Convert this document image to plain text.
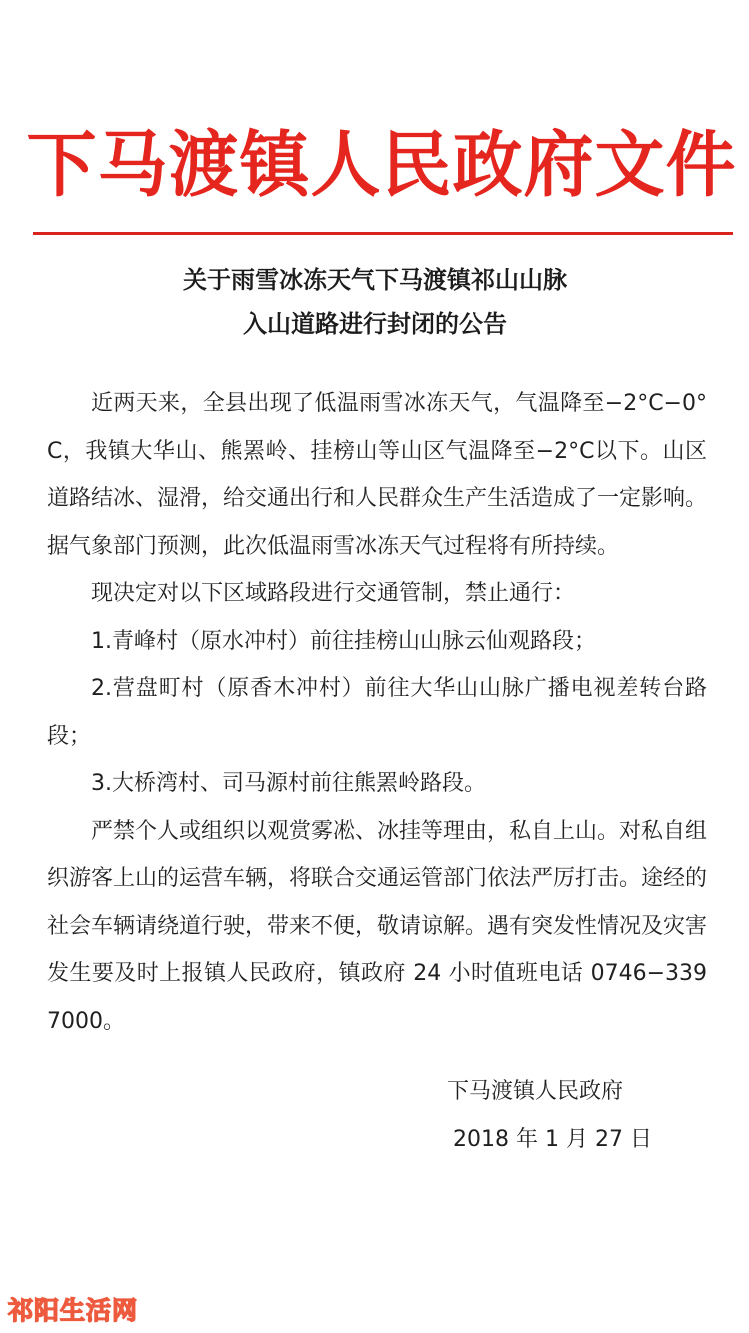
下马渡镇人民政府文件
关于雨雪冰冻天气下马渡镇祁山山脉
入山道路进行封闭的公告

近两天来，全县出现了低温雨雪冰冻天气，气温降至−2°C−0°C，我镇大华山、熊罴岭、挂榜山等山区气温降至−2°C以下。山区道路结冰、湿滑，给交通出行和人民群众生产生活造成了一定影响。据气象部门预测，此次低温雨雪冰冻天气过程将有所持续。

现决定对以下区域路段进行交通管制，禁止通行：

1.青峰村（原水冲村）前往挂榜山山脉云仙观路段；

2.营盘町村（原香木冲村）前往大华山山脉广播电视差转台路段；

3.大桥湾村、司马源村前往熊罴岭路段。

严禁个人或组织以观赏雾凇、冰挂等理由，私自上山。对私自组织游客上山的运营车辆，将联合交通运管部门依法严厉打击。途经的社会车辆请绕道行驶，带来不便，敬请谅解。遇有突发性情况及灾害发生要及时上报镇人民政府，镇政府 24 小时值班电话 0746−3397000。

下马渡镇人民政府
2018 年 1 月 27 日
祁阳生活网
